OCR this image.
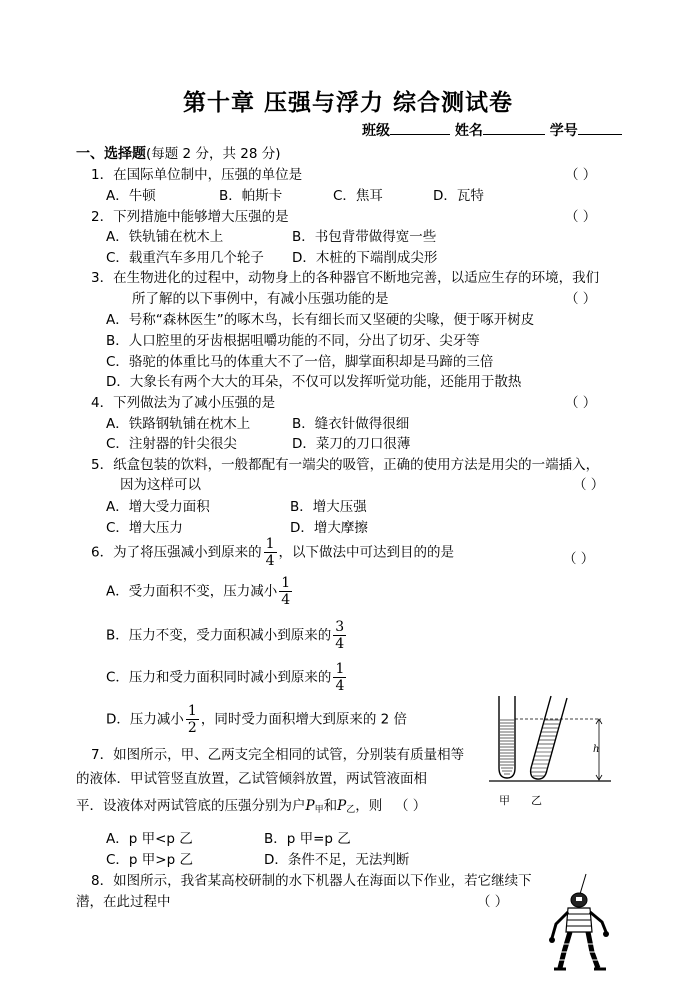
第十章 压强与浮力 综合测试卷
班级	姓名	学号
一、选择题(每题 2 分，共 28 分)
1．在国际单位制中，压强的单位是	（ ）
A．牛顿	B．帕斯卡	C．焦耳	D．瓦特
2．下列措施中能够增大压强的是	（ ）
A．铁轨铺在枕木上	B．书包背带做得宽一些
C．载重汽车多用几个轮子 D．木桩的下端削成尖形
3．在生物进化的过程中，动物身上的各种器官不断地完善，以适应生存的环境，我们
所了解的以下事例中，有减小压强功能的是	（ ）
A．号称“森林医生”的啄木鸟，长有细长而又坚硬的尖喙，便于啄开树皮
B．人口腔里的牙齿根据咀嚼功能的不同，分出了切牙、尖牙等
C．骆驼的体重比马的体重大不了一倍，脚掌面积却是马蹄的三倍
D．大象长有两个大大的耳朵，不仅可以发挥听觉功能，还能用于散热
4．下列做法为了减小压强的是	（ ）
A．铁路钢轨铺在枕木上	B．缝衣针做得很细
C．注射器的针尖很尖	D．菜刀的刀口很薄
5．纸盒包装的饮料，一般都配有一端尖的吸管，正确的使用方法是用尖的一端插入，
因为这样可以	（ ）
A．增大受力面积	B．增大压强
C．增大压力	D．增大摩擦
6．为了将压强减小到原来的 $\frac{1}{4}$ ，以下做法中可达到目的的是	（ ）
A．受力面积不变，压力减小 $\frac{1}{4}$
B．压力不变，受力面积减小到原来的 $\frac{3}{4}$
C．压力和受力面积同时减小到原来的 $\frac{1}{4}$
D．压力减小 $\frac{1}{2}$ ，同时受力面积增大到原来的 2 倍
7．如图所示，甲、乙两支完全相同的试管，分别装有质量相等
的液体．甲试管竖直放置，乙试管倾斜放置，两试管液面相
平．设液体对两试管底的压强分别为户$P_甲$和$P_乙$，则 （ ）
A．p 甲<p 乙	B．p 甲=p 乙
C．p 甲>p 乙	D．条件不足，无法判断
h
甲 乙
8．如图所示，我省某高校研制的水下机器人在海面以下作业，若它继续下
潜，在此过程中	（ ）
